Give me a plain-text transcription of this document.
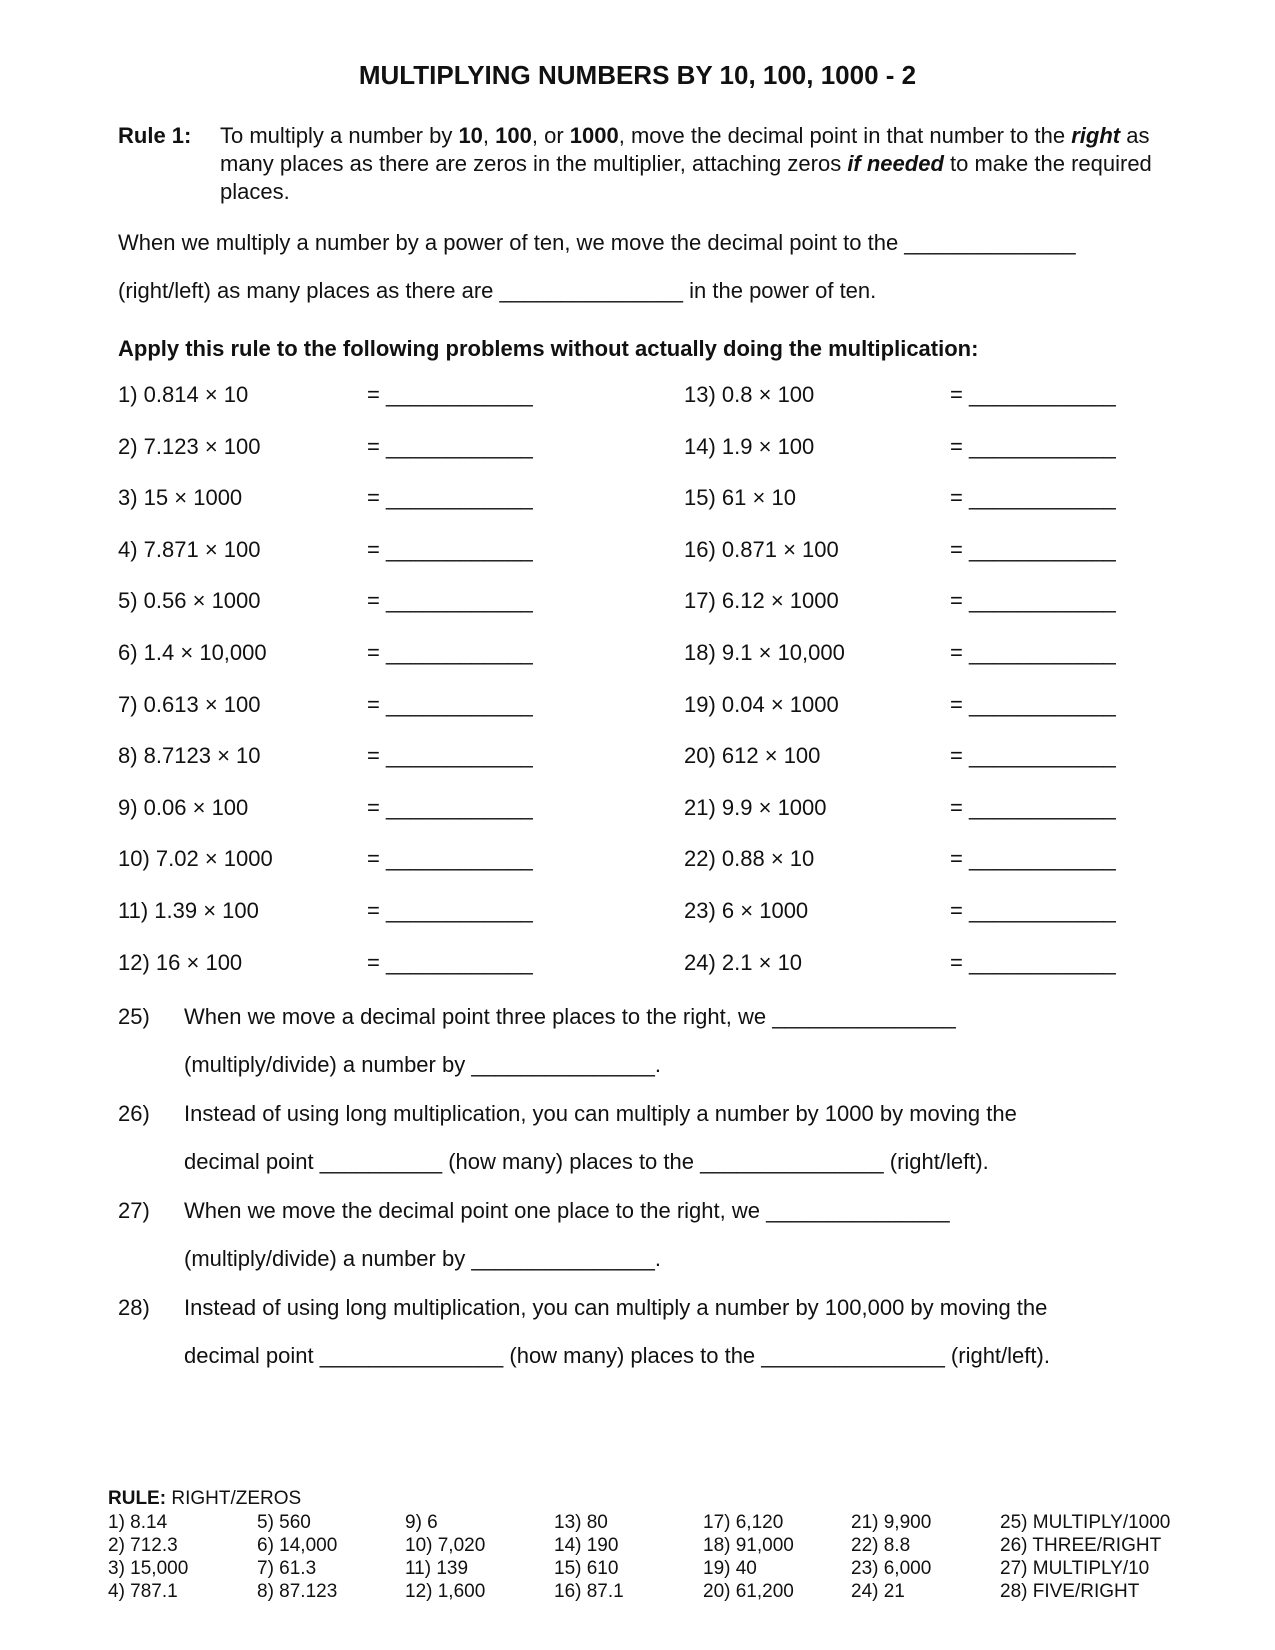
MULTIPLYING NUMBERS BY 10, 100, 1000 - 2
Rule 1: To multiply a number by 10, 100, or 1000, move the decimal point in that number to the right as many places as there are zeros in the multiplier, attaching zeros if needed to make the required places.
When we multiply a number by a power of ten, we move the decimal point to the ______________
(right/left) as many places as there are _______________ in the power of ten.
Apply this rule to the following problems without actually doing the multiplication:
1) 0.814 × 10	= ____________
2) 7.123 × 100	= ____________
3) 15 × 1000	= ____________
4) 7.871 × 100	= ____________
5) 0.56 × 1000	= ____________
6) 1.4 × 10,000	= ____________
7) 0.613 × 100	= ____________
8) 8.7123 × 10	= ____________
9) 0.06 × 100	= ____________
10) 7.02 × 1000	= ____________
11) 1.39 × 100	= ____________
12) 16 × 100	= ____________
13) 0.8 × 100	= ____________
14) 1.9 × 100	= ____________
15) 61 × 10	= ____________
16) 0.871 × 100	= ____________
17) 6.12 × 1000	= ____________
18) 9.1 × 10,000	= ____________
19) 0.04 × 1000	= ____________
20) 612 × 100	= ____________
21) 9.9 × 1000	= ____________
22) 0.88 × 10	= ____________
23) 6 × 1000	= ____________
24) 2.1 × 10	= ____________
25) When we move a decimal point three places to the right, we _______________
(multiply/divide) a number by _______________.
26) Instead of using long multiplication, you can multiply a number by 1000 by moving the
decimal point __________ (how many) places to the _______________ (right/left).
27) When we move the decimal point one place to the right, we _______________
(multiply/divide) a number by _______________.
28) Instead of using long multiplication, you can multiply a number by 100,000 by moving the
decimal point _______________ (how many) places to the _______________ (right/left).
RULE: RIGHT/ZEROS
1) 8.14
2) 712.3
3) 15,000
4) 787.1
5) 560
6) 14,000
7) 61.3
8) 87.123
9) 6
10) 7,020
11) 139
12) 1,600
13) 80
14) 190
15) 610
16) 87.1
17) 6,120
18) 91,000
19) 40
20) 61,200
21) 9,900
22) 8.8
23) 6,000
24) 21
25) MULTIPLY/1000
26) THREE/RIGHT
27) MULTIPLY/10
28) FIVE/RIGHT
